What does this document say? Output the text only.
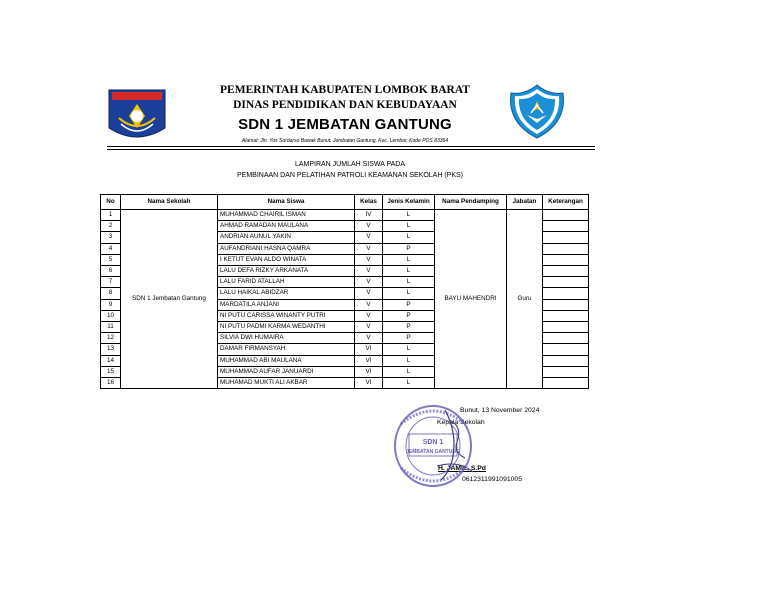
PEMERINTAH KABUPATEN LOMBOK BARAT
DINAS PENDIDIKAN DAN KEBUDAYAAN
SDN 1 JEMBATAN GANTUNG
Alamat: Jln. Yos Sordarso Bawak Bunut, Jembatan Gantung, Kec. Lembar, Kode POS 83364
LAMPIRAN JUMLAH SISWA PADA
PEMBINAAN DAN PELATIHAN PATROLI KEAMANAN SEKOLAH (PKS)
No	Nama Sekolah	Nama Siswa	Kelas	Jenis Kelamin	Nama Pendamping	Jabatan	Keterangan
1	SDN 1 Jembatan Gantung	MUHAMMAD CHAIRIL ISMAN	IV	L	BAYU MAHENDRI	Guru	
2		AHMAD RAMADAN MAULANA	V	L			
3		ANDRIAN AUNUL YAKIN	V	L			
4		AUFANDRIANI HASNA QAMRA	V	P			
5		I KETUT EVAN ALDO WINATA	V	L			
6		LALU DEFA RIZKY ARKANATA	V	L			
7		LALU FARID ATALLAH	V	L			
8		LALU HAIKAL ABIDZAR	V	L			
9		MARDATILA ANJANI	V	P			
10		NI PUTU CARISSA WINANTY PUTRI	V	P			
11		NI PUTU PADMI KARMA WEDANTHI	V	P			
12		SILVIA DWI HUMAIRA	V	P			
13		DAMAR FIRMANSYAH	VI	L			
14		MUHAMMAD ABI MAULANA	VI	L			
15		MUHAMMAD AUFAR JANUARDI	VI	L			
16		MUHAMAD MUKTI ALI AKBAR	VI	L			
Bunut, 13 November 2024
Kepala Sekolah
H. JAMIL, S.Pd
0612311991091005
SDN 1
JEMBATAN GANTUNG
